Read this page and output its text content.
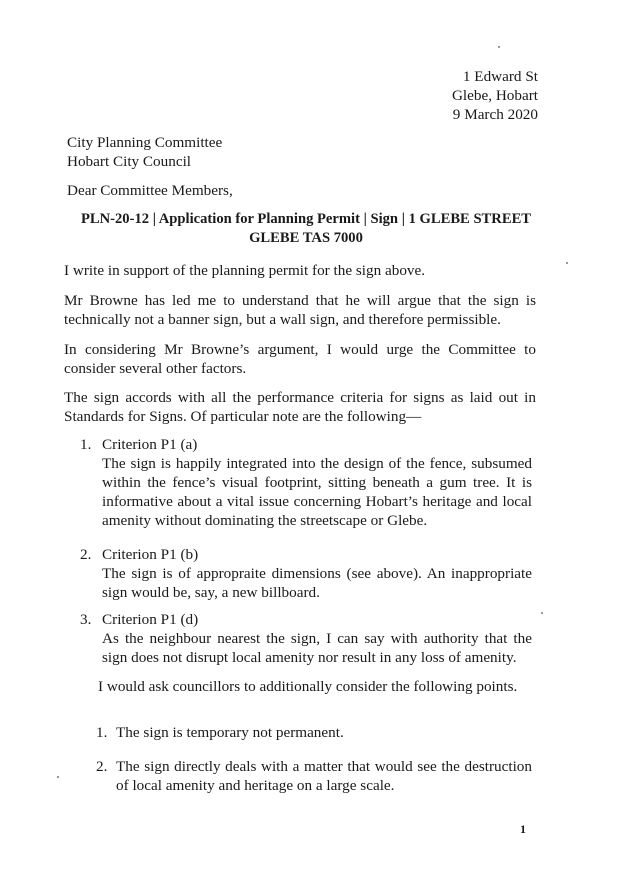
1 Edward St
Glebe, Hobart
9 March 2020
City Planning Committee
Hobart City Council
Dear Committee Members,
PLN-20-12 | Application for Planning Permit | Sign | 1 GLEBE STREET
GLEBE TAS 7000

I write in support of the planning permit for the sign above.

Mr Browne has led me to understand that he will argue that the sign is technically not a banner sign, but a wall sign, and therefore permissible.

In considering Mr Browne’s argument, I would urge the Committee to consider several other factors.

The sign accords with all the performance criteria for signs as laid out in Standards for Signs. Of particular note are the following—

1. Criterion P1 (a)
The sign is happily integrated into the design of the fence, subsumed within the fence’s visual footprint, sitting beneath a gum tree. It is informative about a vital issue concerning Hobart’s heritage and local amenity without dominating the streetscape or Glebe.
2. Criterion P1 (b)
The sign is of appropraite dimensions (see above). An inappropriate sign would be, say, a new billboard.
3. Criterion P1 (d)
As the neighbour nearest the sign, I can say with authority that the sign does not disrupt local amenity nor result in any loss of amenity.

I would ask councillors to additionally consider the following points.

1. The sign is temporary not permanent.
2. The sign directly deals with a matter that would see the destruction of local amenity and heritage on a large scale.
1
